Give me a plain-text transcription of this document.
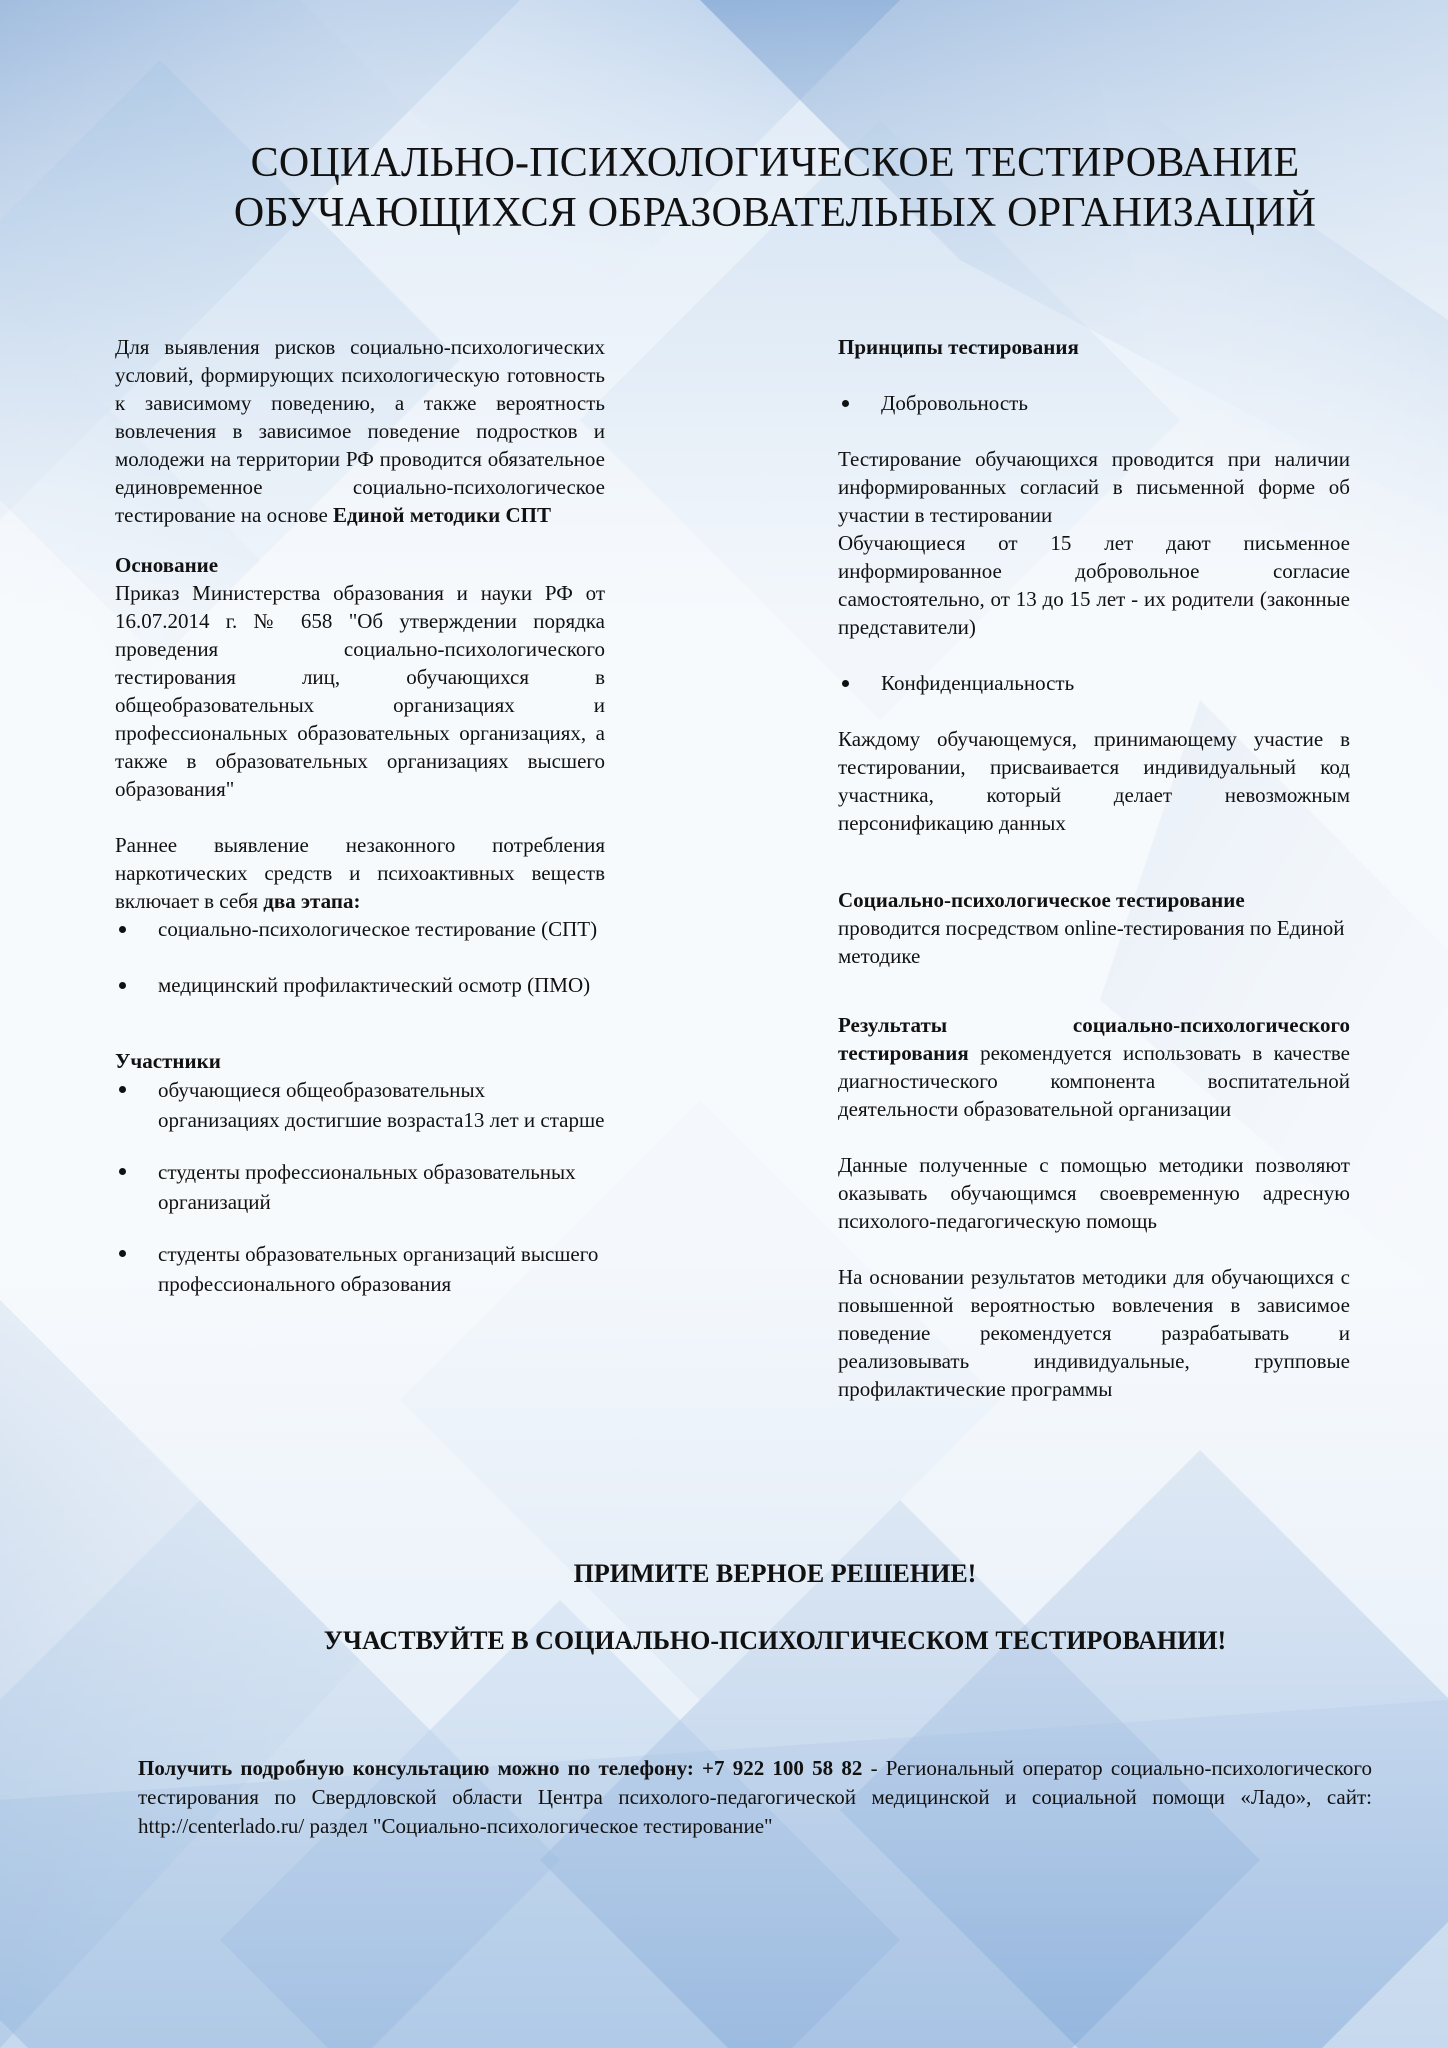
СОЦИАЛЬНО-ПСИХОЛОГИЧЕСКОЕ ТЕСТИРОВАНИЕ ОБУЧАЮЩИХСЯ ОБРАЗОВАТЕЛЬНЫХ ОРГАНИЗАЦИЙ

Для выявления рисков социально-психологических условий, формирующих психологическую готовность к зависимому поведению, а также вероятность вовлечения в зависимое поведение подростков и молодежи на территории РФ проводится обязательное единовременное социально-психологическое тестирование на основе Единой методики СПТ

Основание

Приказ Министерства образования и науки РФ от 16.07.2014 г. № 658 "Об утверждении порядка проведения социально-психологического тестирования лиц, обучающихся в общеобразовательных организациях и профессиональных образовательных организациях, а также в образовательных организациях высшего образования"

Раннее выявление незаконного потребления наркотических средств и психоактивных веществ включает в себя два этапа:

социально-психологическое тестирование (СПТ)
медицинский профилактический осмотр (ПМО)
Участники
обучающиеся общеобразовательных организациях достигшие возраста13 лет и старше
студенты профессиональных образовательных организаций
студенты образовательных организаций высшего профессионального образования
Принципы тестирования
Добровольность

Тестирование обучающихся проводится при наличии информированных согласий в письменной форме об участии в тестировании

Обучающиеся от 15 лет дают письменное информированное добровольное согласие самостоятельно, от 13 до 15 лет - их родители (законные представители)

Конфиденциальность

Каждому обучающемуся, принимающему участие в тестировании, присваивается индивидуальный код участника, который делает невозможным персонификацию данных

Социально-психологическое тестирование
проводится посредством online-тестирования по Единой методике

Результаты социально-психологического тестирования рекомендуется использовать в качестве диагностического компонента воспитательной деятельности образовательной организации

Данные полученные с помощью методики позволяют оказывать обучающимся своевременную адресную психолого-педагогическую помощь

На основании результатов методики для обучающихся с повышенной вероятностью вовлечения в зависимое поведение рекомендуется разрабатывать и реализовывать индивидуальные, групповые профилактические программы

ПРИМИТЕ ВЕРНОЕ РЕШЕНИЕ!

УЧАСТВУЙТЕ В СОЦИАЛЬНО-ПСИХОЛГИЧЕСКОМ ТЕСТИРОВАНИИ!

Получить подробную консультацию можно по телефону: +7 922 100 58 82 - Региональный оператор социально-психологического тестирования по Свердловской области Центра психолого-педагогической медицинской и социальной помощи «Ладо», сайт: http://centerlado.ru/ раздел "Социально-психологическое тестирование"
